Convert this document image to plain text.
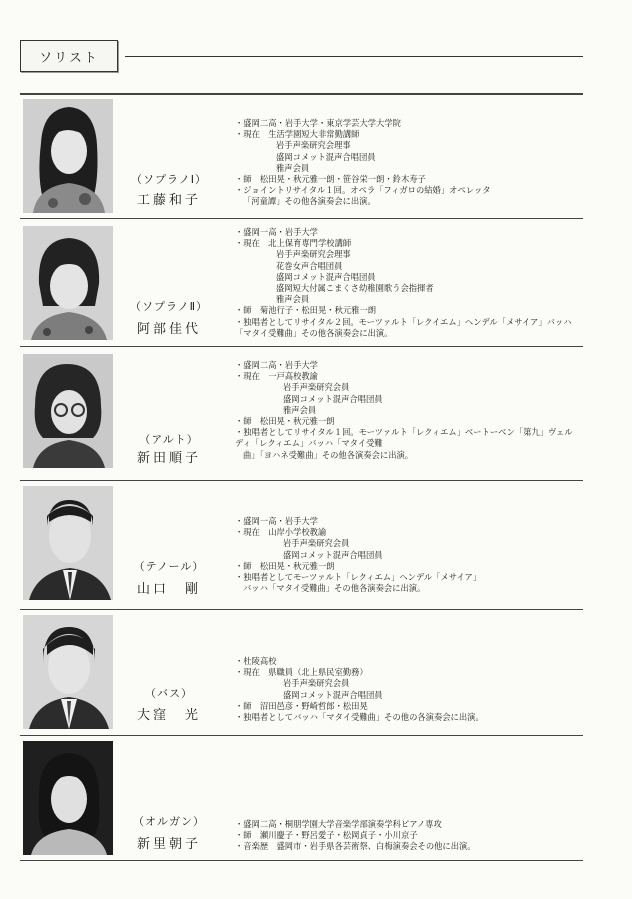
ソリスト
（ソプラノⅠ）
工藤和子
・盛岡二高・岩手大学・東京学芸大学大学院
・現在　生活学園短大非常勤講師
岩手声楽研究会理事
盛岡コメット混声合唱団員
雅声会員
・師　松田晃・秋元雅一朗・笹谷栄一朗・鈴木寿子
・ジョイントリサイタル１回。オペラ「フィガロの結婚」オペレッタ
「河童譚」その他各演奏会に出演。
（ソプラノⅡ）
阿部佳代
・盛岡一高・岩手大学
・現在　北上保育専門学校講師
岩手声楽研究会理事
花巻女声合唱団員
盛岡コメット混声合唱団員
盛岡短大付属こまくさ幼稚園歌う会指揮者
雅声会員
・師　菊池行子・松田晃・秋元雅一朗
・独唱者としてリサイタル２回。モーツァルト「レクイエム」ヘンデル「メサイア」バッハ「マタイ受難曲」その他各演奏会に出演。
（アルト）
新田順子
・盛岡二高・岩手大学
・現在　一戸高校教諭
岩手声楽研究会員
盛岡コメット混声合唱団員
雅声会員
・師　松田晃・秋元雅一朗
・独唱者としてリサイタル１回。モーツァルト「レクィエム」ベートーベン「第九」ヴェルディ「レクィエム」バッハ「マタイ受難
曲」「ヨハネ受難曲」その他各演奏会に出演。
（テノール）
山口　剛
・盛岡一高・岩手大学
・現在　山岸小学校教諭
岩手声楽研究会員
盛岡コメット混声合唱団員
・師　松田晃・秋元雅一朗
・独唱者としてモーツァルト「レクィエム」ヘンデル「メサイア」
バッハ「マタイ受難曲」その他各演奏会に出演。
（バス）
大窪　光
・杜陵高校
・現在　県職員（北上県民室勤務）
岩手声楽研究会員
盛岡コメット混声合唱団員
・師　沼田邑彦・野崎哲郎・松田晃
・独唱者としてバッハ「マタイ受難曲」その他の各演奏会に出演。
（オルガン）
新里朝子
・盛岡二高・桐朋学園大学音楽学部演奏学科ピアノ専攻
・師　瀬川慶子・野呂愛子・松岡貞子・小川京子
・音楽歴　盛岡市・岩手県各芸術祭、白梅演奏会その他に出演。
